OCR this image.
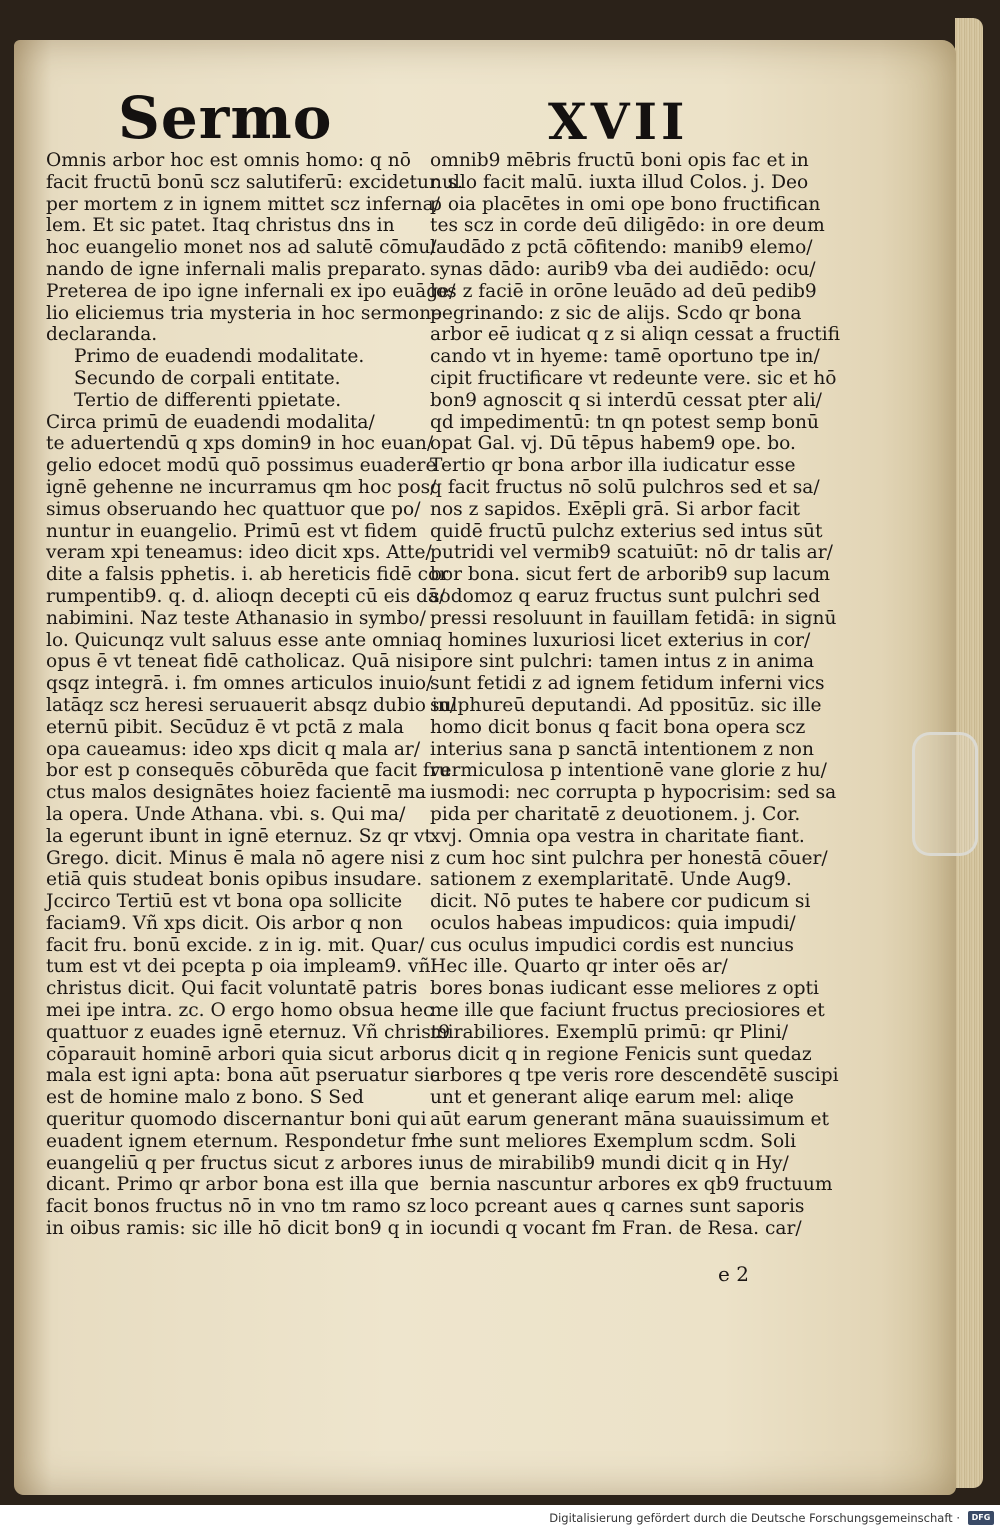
Sermo	XVII
Omnis arbor hoc est omnis homo: q nō
facit fructū bonū scz salutiferū: excidetur. s.
per mortem z in ignem mittet scz inferna/
lem. Et sic patet. Itaq christus dns in
hoc euangelio monet nos ad salutē cōmu/
nando de igne infernali malis preparato.
Preterea de ipo igne infernali ex ipo euāge/
lio eliciemus tria mysteria in hoc sermone
declaranda.
Primo de euadendi modalitate.
Secundo de corpali entitate.
Tertio de differenti ppietate.
Circa primū de euadendi modalita/
te aduertendū q xps domin9 in hoc euan/
gelio edocet modū quō possimus euadere
ignē gehenne ne incurramus qm hoc pos/
simus obseruando hec quattuor que po/
nuntur in euangelio. Primū est vt fidem
veram xpi teneamus: ideo dicit xps. Atte/
dite a falsis pphetis. i. ab hereticis fidē cor
rumpentib9. q. d. alioqn decepti cū eis dā/
nabimini. Naz teste Athanasio in symbo/
lo. Quicunqz vult saluus esse ante omnia
opus ē vt teneat fidē catholicaz. Quā nisi
qsqz integrā. i. fm omnes articulos inuio/
latāqz scz heresi seruauerit absqz dubio in/
eternū pibit. Secūduz ē vt pctā z mala
opa caueamus: ideo xps dicit q mala ar/
bor est p consequēs cōburēda que facit fru
ctus malos designātes hoiez facientē ma
la opera. Unde Athana. vbi. s. Qui ma/
la egerunt ibunt in ignē eternuz. Sz qr vt
Grego. dicit. Minus ē mala nō agere nisi
etiā quis studeat bonis opibus insudare.
Jccirco Tertiū est vt bona opa sollicite
faciam9. Vñ xps dicit. Ois arbor q non
facit fru. bonū excide. z in ig. mit. Quar/
tum est vt dei pcepta p oia impleam9. vñ
christus dicit. Qui facit voluntatē patris
mei ipe intra. zc. O ergo homo obsua hec
quattuor z euades ignē eternuz. Vñ christ9
cōparauit hominē arbori quia sicut arbor
mala est igni apta: bona aūt pseruatur sic
est de homine malo z bono. S Sed
queritur quomodo discernantur boni qui
euadent ignem eternum. Respondetur fm
euangeliū q per fructus sicut z arbores iu
dicant. Primo qr arbor bona est illa que
facit bonos fructus nō in vno tm ramo sz
in oibus ramis: sic ille hō dicit bon9 q in
omnib9 mēbris fructū boni opis fac et in
nullo facit malū. iuxta illud Colos. j. Deo
p oia placētes in omi ope bono fructifican
tes scz in corde deū diligēdo: in ore deum
laudādo z pctā cōfitendo: manib9 elemo/
synas dādo: aurib9 vba dei audiēdo: ocu/
los z faciē in orōne leuādo ad deū pedib9
pegrinando: z sic de alijs. Scdo qr bona
arbor eē iudicat q z si aliqn cessat a fructifi
cando vt in hyeme: tamē oportuno tpe in/
cipit fructificare vt redeunte vere. sic et hō
bon9 agnoscit q si interdū cessat pter ali/
qd impedimentū: tn qn potest semp bonū
opat Gal. vj. Dū tēpus habem9 ope. bo.
Tertio qr bona arbor illa iudicatur esse
q facit fructus nō solū pulchros sed et sa/
nos z sapidos. Exēpli grā. Si arbor facit
quidē fructū pulchz exterius sed intus sūt
putridi vel vermib9 scatuiūt: nō dr talis ar/
bor bona. sicut fert de arborib9 sup lacum
sodomoz q earuz fructus sunt pulchri sed
pressi resoluunt in fauillam fetidā: in signū
q homines luxuriosi licet exterius in cor/
pore sint pulchri: tamen intus z in anima
sunt fetidi z ad ignem fetidum inferni vics
sulphureū deputandi. Ad ppositūz. sic ille
homo dicit bonus q facit bona opera scz
interius sana p sanctā intentionem z non
vermiculosa p intentionē vane glorie z hu/
iusmodi: nec corrupta p hypocrisim: sed sa
pida per charitatē z deuotionem. j. Cor.
xvj. Omnia opa vestra in charitate fiant.
z cum hoc sint pulchra per honestā cōuer/
sationem z exemplaritatē. Unde Aug9.
dicit. Nō putes te habere cor pudicum si
oculos habeas impudicos: quia impudi/
cus oculus impudici cordis est nuncius
Hec ille. Quarto qr inter oēs ar/
bores bonas iudicant esse meliores z opti
me ille que faciunt fructus preciosiores et
mirabiliores. Exemplū primū: qr Plini/
us dicit q in regione Fenicis sunt quedaz
arbores q tpe veris rore descendētē suscipi
unt et generant aliqe earum mel: aliqe
aūt earum generant māna suauissimum et
he sunt meliores Exemplum scdm. Soli
nus de mirabilib9 mundi dicit q in Hy/
bernia nascuntur arbores ex qb9 fructuum
loco pcreant aues q carnes sunt saporis
iocundi q vocant fm Fran. de Resa. car/
e 2
Digitalisierung gefördert durch die Deutsche Forschungsgemeinschaft ·	DFG
